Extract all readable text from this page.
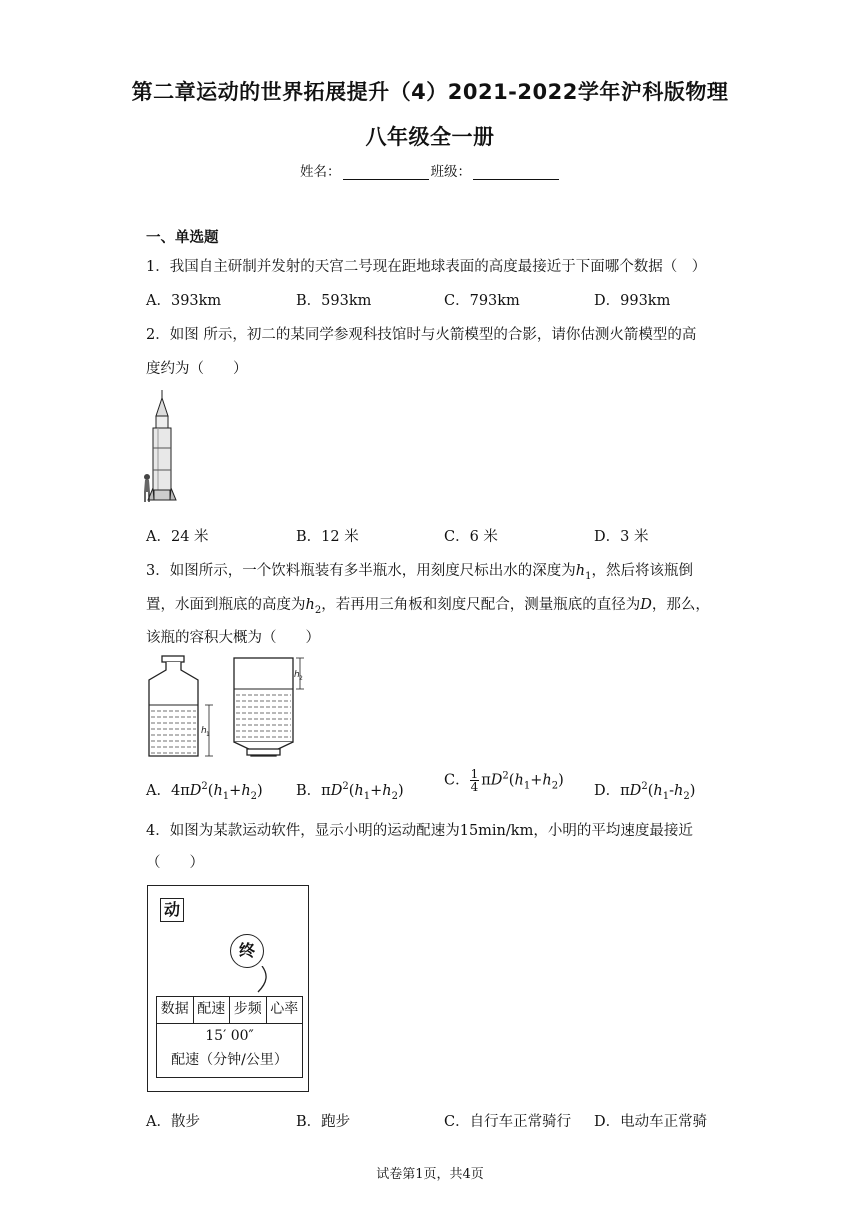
第二章运动的世界拓展提升（4）2021-2022学年沪科版物理
八年级全一册
姓名：	班级：
一、单选题
1．我国自主研制并发射的天宫二号现在距地球表面的高度最接近于下面哪个数据（　）
A．393km	B．593km	C．793km	D．993km
2．如图 所示，初二的某同学参观科技馆时与火箭模型的合影，请你估测火箭模型的高
度约为（　　）
A．24 米	B．12 米	C．6 米	D．3 米
3．如图所示，一个饮料瓶装有多半瓶水，用刻度尺标出水的深度为$h_1$，然后将该瓶倒
置，水面到瓶底的高度为$h_2$，若再用三角板和刻度尺配合，测量瓶底的直径为D，那么，
该瓶的容积大概为（　　）
h 1
h 2
A．$4\pi D^2(h_1+h_2)$ B．$\pi D^2(h_1+h_2)$
C． $\frac{1}{4} \pi D^2(h_1+h_2)$
D．$\pi D^2(h_1-h_2)$
4．如图为某款运动软件，显示小明的运动配速为15min/km，小明的平均速度最接近
（　　）
动
终
数据 配速 步频 心率
15′ 00″
配速（分钟/公里）
A．散步	B．跑步	C．自行车正常骑行 D．电动车正常骑
试卷第1页，共4页
